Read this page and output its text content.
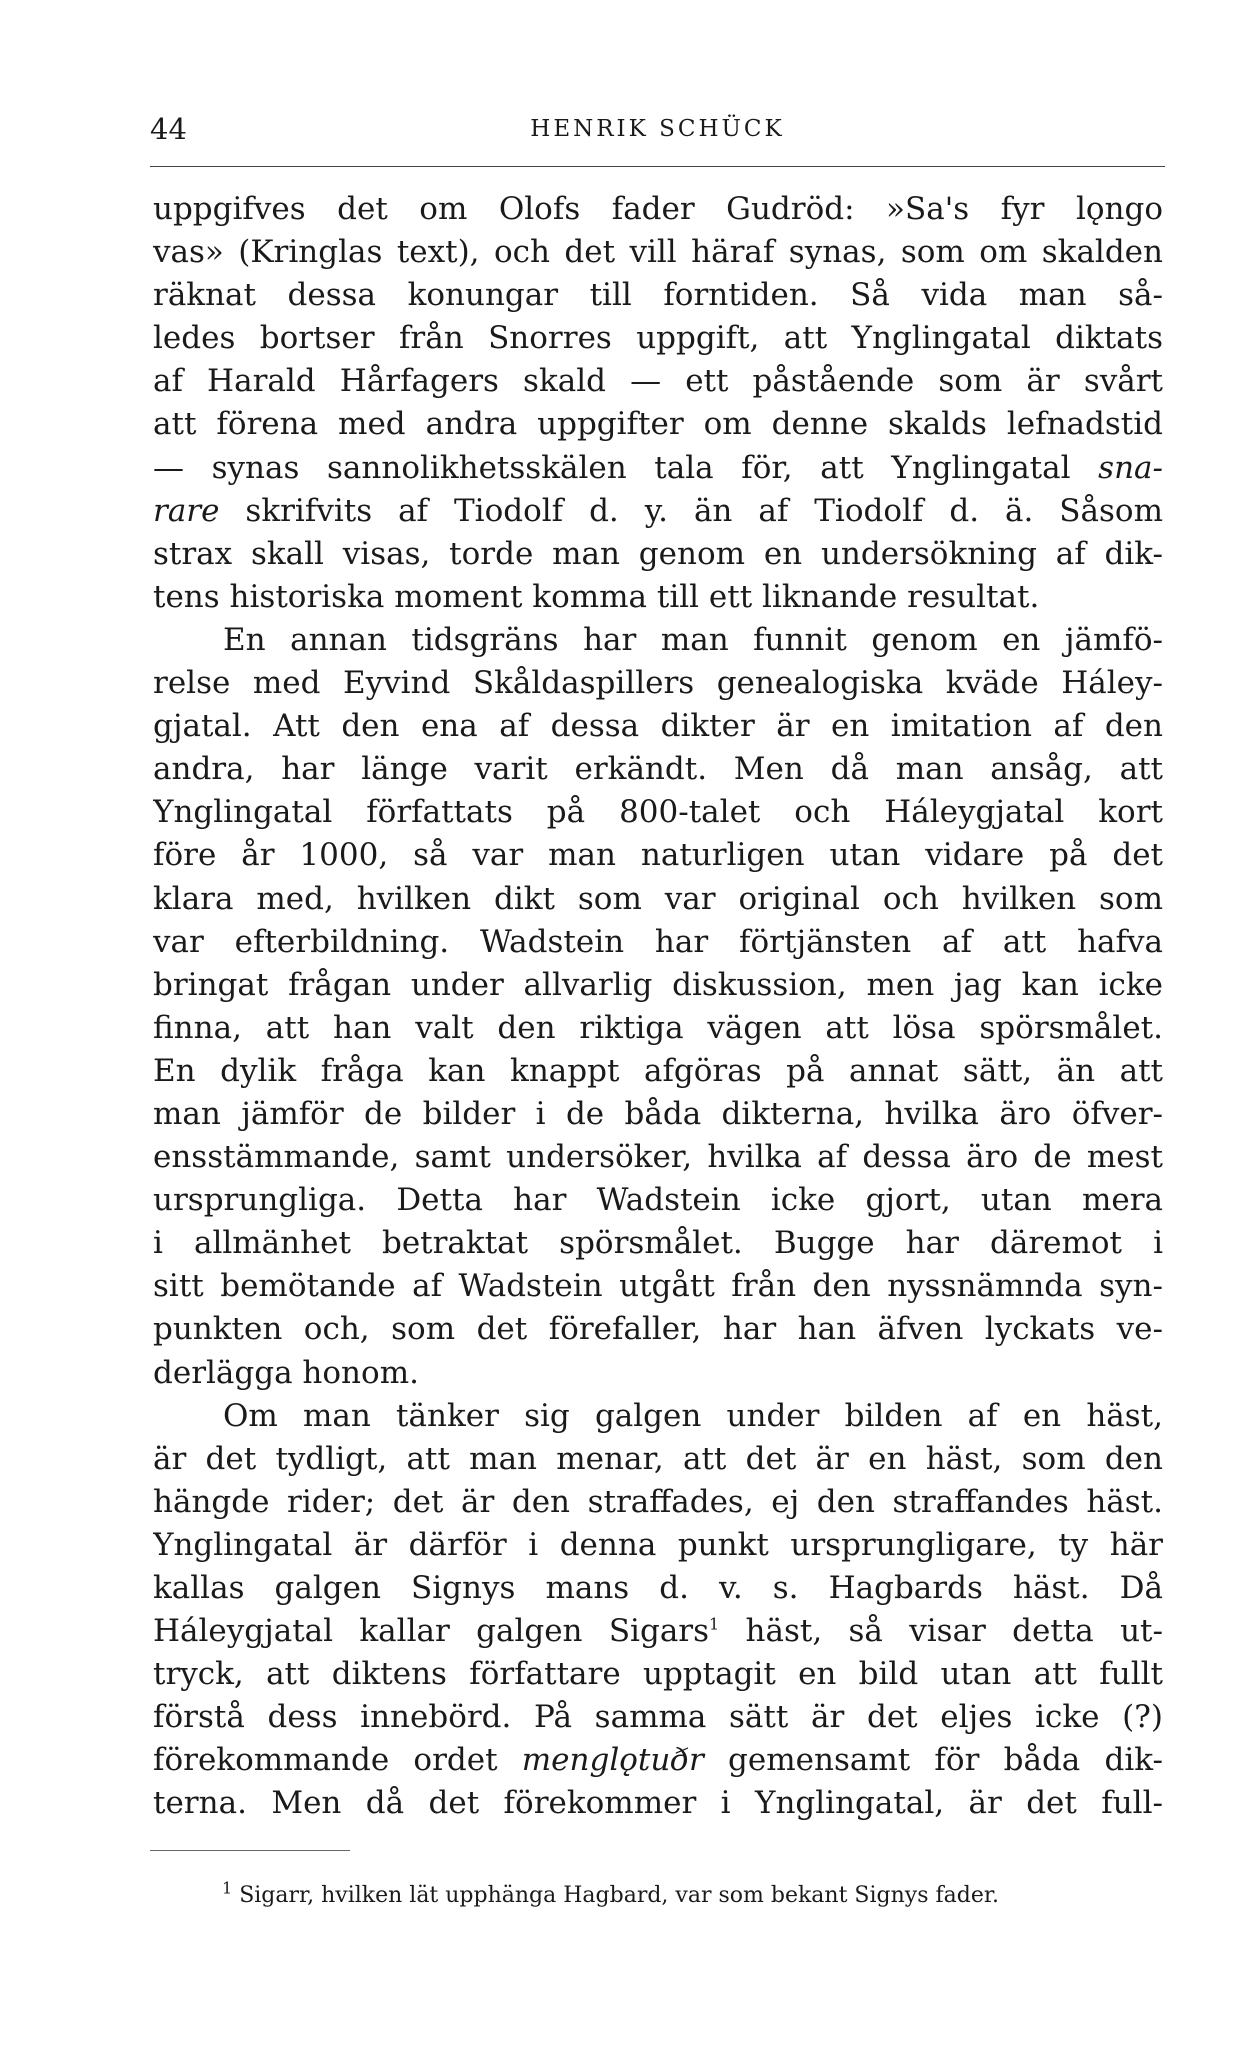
44	HENRIK SCHÜCK
uppgifves det om Olofs fader Gudröd: »Sa's fyr lǫngo
vas» (Kringlas text), och det vill häraf synas, som om skalden
räknat dessa konungar till forntiden. Så vida man så-
ledes bortser från Snorres uppgift, att Ynglingatal diktats
af Harald Hårfagers skald — ett påstående som är svårt
att förena med andra uppgifter om denne skalds lefnadstid
— synas sannolikhetsskälen tala för, att Ynglingatal sna-
rare skrifvits af Tiodolf d. y. än af Tiodolf d. ä. Såsom
strax skall visas, torde man genom en undersökning af dik-
tens historiska moment komma till ett liknande resultat.
En annan tidsgräns har man funnit genom en jämfö-
relse med Eyvind Skåldaspillers genealogiska kväde Háley-
gjatal. Att den ena af dessa dikter är en imitation af den
andra, har länge varit erkändt. Men då man ansåg, att
Ynglingatal författats på 800-talet och Háleygjatal kort
före år 1000, så var man naturligen utan vidare på det
klara med, hvilken dikt som var original och hvilken som
var efterbildning. Wadstein har förtjänsten af att hafva
bringat frågan under allvarlig diskussion, men jag kan icke
finna, att han valt den riktiga vägen att lösa spörsmålet.
En dylik fråga kan knappt afgöras på annat sätt, än att
man jämför de bilder i de båda dikterna, hvilka äro öfver-
ensstämmande, samt undersöker, hvilka af dessa äro de mest
ursprungliga. Detta har Wadstein icke gjort, utan mera
i allmänhet betraktat spörsmålet. Bugge har däremot i
sitt bemötande af Wadstein utgått från den nyssnämnda syn-
punkten och, som det förefaller, har han äfven lyckats ve-
derlägga honom.
Om man tänker sig galgen under bilden af en häst,
är det tydligt, att man menar, att det är en häst, som den
hängde rider; det är den straffades, ej den straffandes häst.
Ynglingatal är därför i denna punkt ursprungligare, ty här
kallas galgen Signys mans d. v. s. Hagbards häst. Då
Háleygjatal kallar galgen Sigars$^1$ häst, så visar detta ut-
tryck, att diktens författare upptagit en bild utan att fullt
förstå dess innebörd. På samma sätt är det eljes icke (?)
förekommande ordet menglǫtuðr gemensamt för båda dik-
terna. Men då det förekommer i Ynglingatal, är det full-
$^1$ Sigarr, hvilken lät upphänga Hagbard, var som bekant Signys fader.
